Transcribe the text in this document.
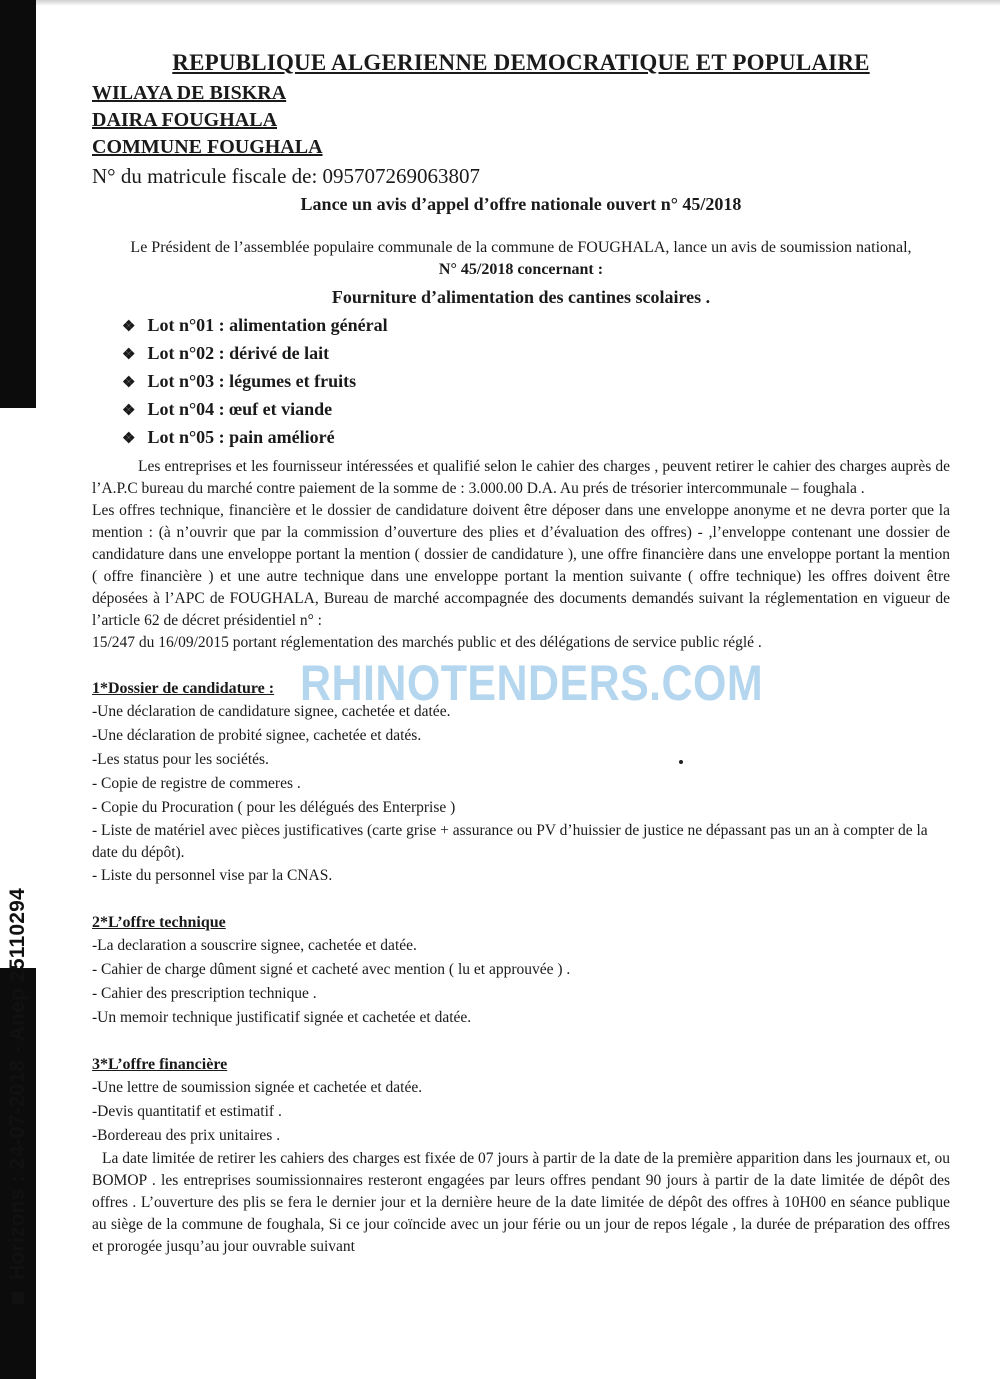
Horizons : 24-07-2018 - Anep 25110294
REPUBLIQUE ALGERIENNE DEMOCRATIQUE ET POPULAIRE
WILAYA DE BISKRA
DAIRA FOUGHALA
COMMUNE FOUGHALA
N° du matricule fiscale de: 095707269063807
Lance un avis d’appel d’offre nationale ouvert n° 45/2018

Le Président de l’assemblée populaire communale de la commune de FOUGHALA, lance un avis de soumission national,

N° 45/2018 concernant :

Fourniture d’alimentation des cantines scolaires .
❖ Lot n°01 : alimentation général
❖ Lot n°02 : dérivé de lait
❖ Lot n°03 : légumes et fruits
❖ Lot n°04 : œuf et viande
❖ Lot n°05 : pain amélioré

Les entreprises et les fournisseur intéressées et qualifié selon le cahier des charges , peuvent retirer le cahier des charges auprès de l’A.P.C bureau du marché contre paiement de la somme de : 3.000.00 D.A. Au prés de trésorier intercommunale – foughala .

Les offres technique, financière et le dossier de candidature doivent être déposer dans une enveloppe anonyme et ne devra porter que la mention : (à n’ouvrir que par la commission d’ouverture des plies et d’évaluation des offres) - ,l’enveloppe contenant une dossier de candidature dans une enveloppe portant la mention ( dossier de candidature ), une offre financière dans une enveloppe portant la mention ( offre financière ) et une autre technique dans une enveloppe portant la mention suivante ( offre technique) les offres doivent être déposées à l’APC de FOUGHALA, Bureau de marché accompagnée des documents demandés suivant la réglementation en vigueur de l’article 62 de décret présidentiel n° :

15/247 du 16/09/2015 portant réglementation des marchés public et des délégations de service public réglé .

1*Dossier de candidature :
-Une déclaration de candidature signee, cachetée et datée.
-Une déclaration de probité signee, cachetée et datés.
-Les status pour les sociétés.
- Copie de registre de commeres .
- Copie du Procuration ( pour les délégués des Enterprise )
- Liste de matériel avec pièces justificatives (carte grise + assurance ou PV d’huissier de justice ne dépassant pas un an à compter de la date du dépôt).
- Liste du personnel vise par la CNAS.
2*L’offre technique
-La declaration a souscrire signee, cachetée et datée.
- Cahier de charge dûment signé et cacheté avec mention ( lu et approuvée ) .
- Cahier des prescription technique .
-Un memoir technique justificatif signée et cachetée et datée.
3*L’offre financière
-Une lettre de soumission signée et cachetée et datée.
-Devis quantitatif et estimatif .
-Bordereau des prix unitaires .

La date limitée de retirer les cahiers des charges est fixée de 07 jours à partir de la date de la première apparition dans les journaux et, ou BOMOP . les entreprises soumissionnaires resteront engagées par leurs offres pendant 90 jours à partir de la date limitée de dépôt des offres . L’ouverture des plis se fera le dernier jour et la dernière heure de la date limitée de dépôt des offres à 10H00 en séance publique au siège de la commune de foughala, Si ce jour coïncide avec un jour férie ou un jour de repos légale , la durée de préparation des offres et prorogée jusqu’au jour ouvrable suivant

RHINOTENDERS.COM
